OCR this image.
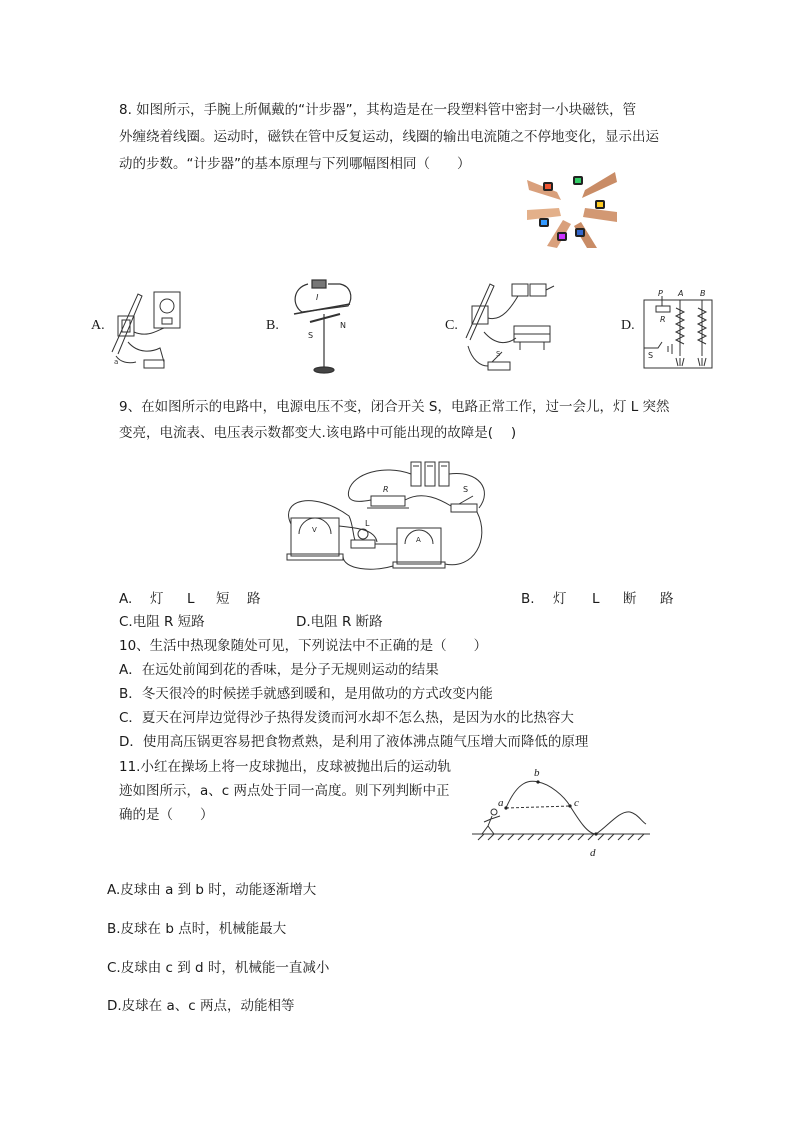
8. 如图所示，手腕上所佩戴的“计步器”，其构造是在一段塑料管中密封一小块磁铁，管
外缠绕着线圈。运动时，磁铁在管中反复运动，线圈的输出电流随之不停地变化，显示出运
动的步数。“计步器”的基本原理与下列哪幅图相同（　　）
A.	B.	C.	D.
a
S
N
I
S
P
R
A B
S
9、在如图所示的电路中，电源电压不变，闭合开关 S，电路正常工作，过一会儿，灯 L 突然
变亮，电流表、电压表示数都变大.该电路中可能出现的故障是(　 )
R	S
L
V
A
A. 灯 L 短 路	B. 灯 L 断 路
C.电阻 R 短路	D.电阻 R 断路
10、生活中热现象随处可见，下列说法中不正确的是（　　）
A．在远处前闻到花的香味，是分子无规则运动的结果
B．冬天很冷的时候搓手就感到暖和，是用做功的方式改变内能
C．夏天在河岸边觉得沙子热得发烫而河水却不怎么热，是因为水的比热容大
D．使用高压锅更容易把食物煮熟，是利用了液体沸点随气压增大而降低的原理
11.小红在操场上将一皮球抛出，皮球被抛出后的运动轨
迹如图所示，a、c 两点处于同一高度。则下列判断中正
确的是（　　）
a
b
c
d
A.皮球由 a 到 b 时，动能逐渐增大
B.皮球在 b 点时，机械能最大
C.皮球由 c 到 d 时，机械能一直减小
D.皮球在 a、c 两点，动能相等
